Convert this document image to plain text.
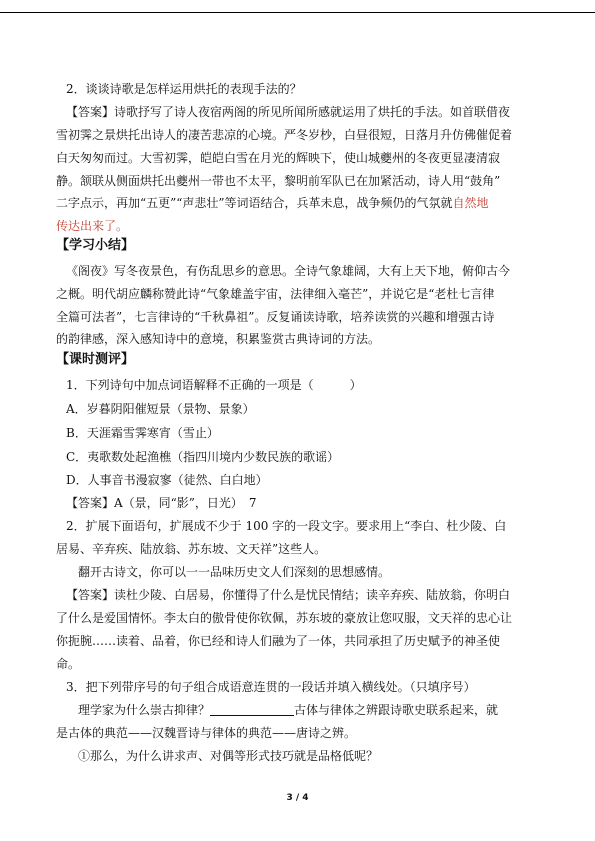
2．谈谈诗歌是怎样运用烘托的表现手法的？
【答案】诗歌抒写了诗人夜宿两阁的所见所闻所感就运用了烘托的手法。如首联借夜
雪初霁之景烘托出诗人的凄苦悲凉的心境。严冬岁杪，白昼很短，日落月升仿佛催促着
白天匆匆而过。大雪初霁，皑皑白雪在月光的辉映下，使山城夔州的冬夜更显凄清寂
静。颔联从侧面烘托出夔州一带也不太平，黎明前军队已在加紧活动，诗人用“鼓角”
二字点示，再加“五更”“声悲壮”等词语结合，兵革未息，战争频仍的气氛就自然地
传达出来了。
【学习小结】
《阁夜》写冬夜景色，有伤乱思乡的意思。全诗气象雄阔，大有上天下地，俯仰古今
之概。明代胡应麟称赞此诗“气象雄盖宇宙，法律细入毫芒”，并说它是“老杜七言律
全篇可法者”，七言律诗的“千秋鼻祖”。反复诵读诗歌，培养读赏的兴趣和增强古诗
的韵律感，深入感知诗中的意境，积累鉴赏古典诗词的方法。
【课时测评】
1．下列诗句中加点词语解释不正确的一项是（　　　）
A．岁暮阴阳催短景（景物、景象）
B．天涯霜雪霁寒宵（雪止）
C．夷歌数处起渔樵（指四川境内少数民族的歌谣）
D．人事音书漫寂寥（徒然、白白地）
【答案】A（景，同“影”，日光）　7
2．扩展下面语句，扩展成不少于 100 字的一段文字。要求用上“李白、杜少陵、白
居易、辛弃疾、陆放翁、苏东坡、文天祥”这些人。
翻开古诗文，你可以一一品味历史文人们深刻的思想感情。
【答案】读杜少陵、白居易，你懂得了什么是忧民情结；读辛弃疾、陆放翁，你明白
了什么是爱国情怀。李太白的傲骨使你钦佩，苏东坡的豪放让您叹服，文天祥的忠心让
你扼腕……读着、品着，你已经和诗人们融为了一体，共同承担了历史赋予的神圣使
命。
3．把下列带序号的句子组合成语意连贯的一段话并填入横线处。（只填序号）
理学家为什么崇古抑律？	古体与律体之辨跟诗歌史联系起来，就
是古体的典范——汉魏晋诗与律体的典范——唐诗之辨。
①那么，为什么讲求声、对偶等形式技巧就是品格低呢？
3 / 4
